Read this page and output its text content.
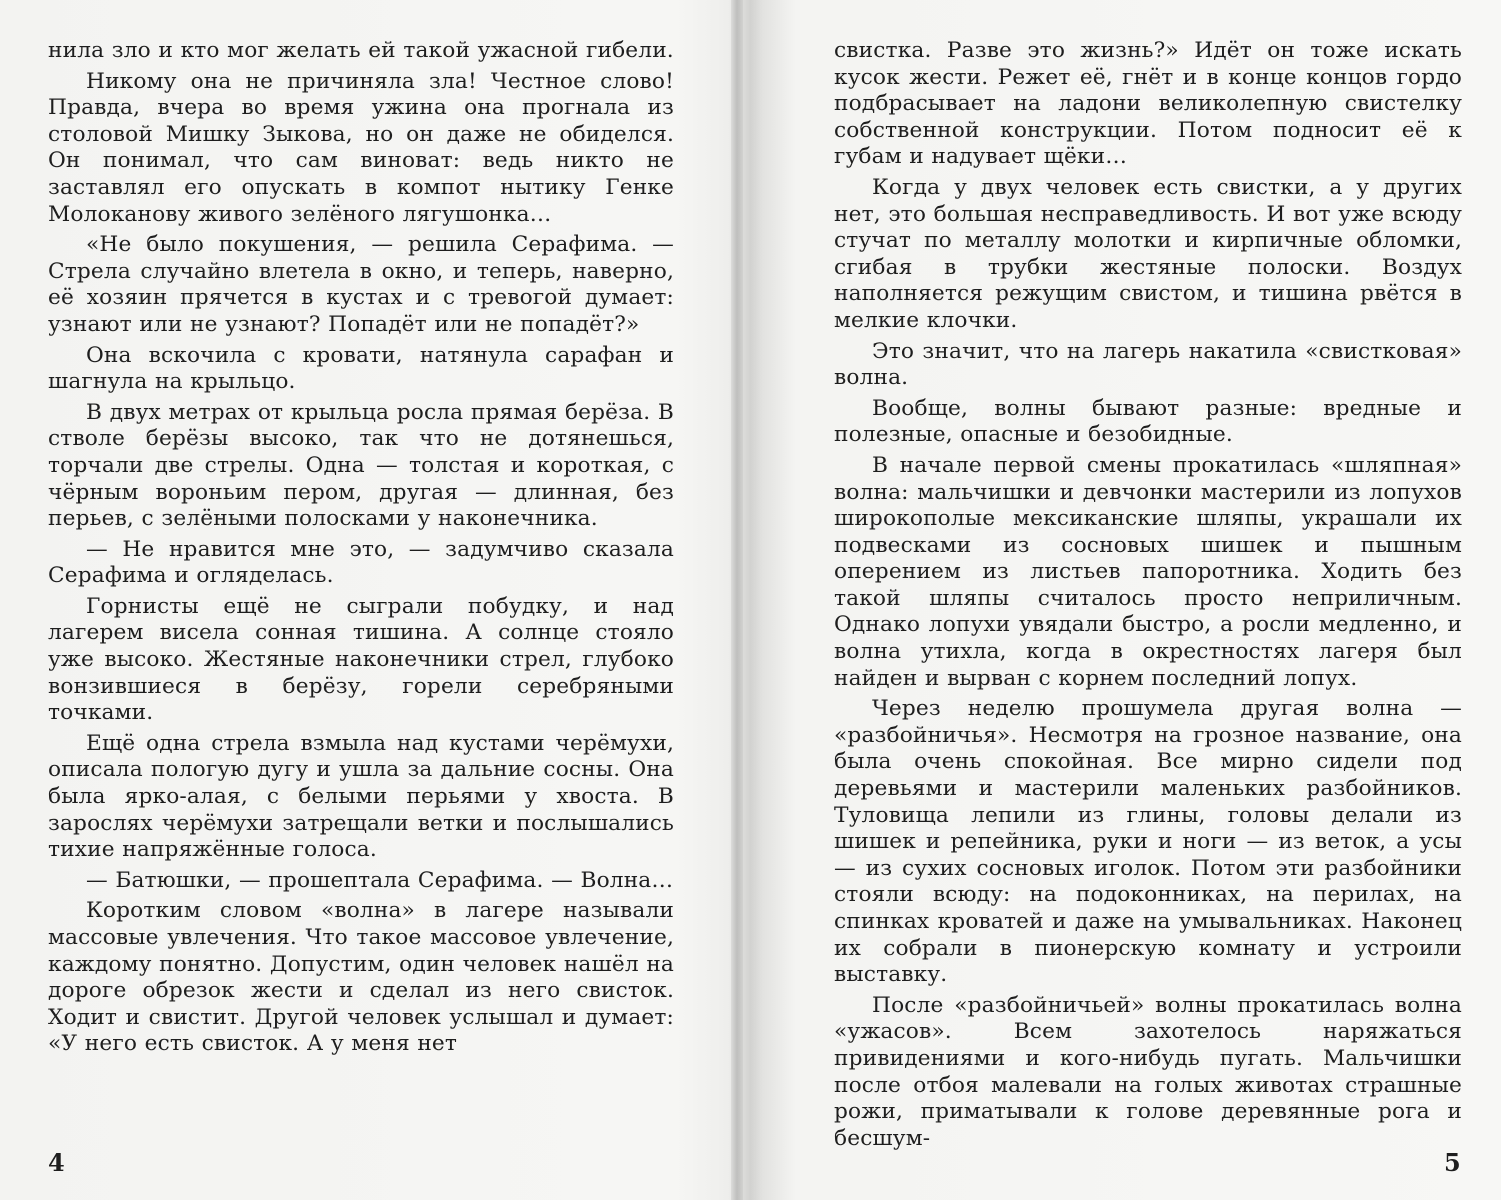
нила зло и кто мог желать ей такой ужасной гибели.

Никому она не причиняла зла! Честное слово! Правда, вчера во время ужина она прогнала из столовой Мишку Зыкова, но он даже не обиделся. Он понимал, что сам виноват: ведь никто не заставлял его опускать в компот нытику Генке Молоканову живого зелёного лягушонка…

«Не было покушения, — решила Серафима. — Стрела случайно влетела в окно, и теперь, наверно, её хозяин прячется в кустах и с тревогой думает: узнают или не узнают? Попадёт или не попадёт?»

Она вскочила с кровати, натянула сарафан и шагнула на крыльцо.

В двух метрах от крыльца росла прямая берёза. В стволе берёзы высоко, так что не дотянешься, торчали две стрелы. Одна — толстая и короткая, с чёрным вороньим пером, другая — длинная, без перьев, с зелёными полосками у наконечника.

— Не нравится мне это, — задумчиво сказала Серафима и огляделась.

Горнисты ещё не сыграли побудку, и над лагерем висела сонная тишина. А солнце стояло уже высоко. Жестяные наконечники стрел, глубоко вонзившиеся в берёзу, горели серебряными точками.

Ещё одна стрела взмыла над кустами черёмухи, описала пологую дугу и ушла за дальние сосны. Она была ярко-алая, с белыми перьями у хвоста. В зарослях черёмухи затрещали ветки и послышались тихие напряжённые голоса.

— Батюшки, — прошептала Серафима. — Волна…

Коротким словом «волна» в лагере называли массовые увлечения. Что такое массовое увлечение, каждому понятно. Допустим, один человек нашёл на дороге обрезок жести и сделал из него свисток. Ходит и свистит. Другой человек услышал и думает: «У него есть свисток. А у меня нет

4

свистка. Разве это жизнь?» Идёт он тоже искать кусок жести. Режет её, гнёт и в конце концов гордо подбрасывает на ладони великолепную свистелку собственной конструкции. Потом подносит её к губам и надувает щёки…

Когда у двух человек есть свистки, а у других нет, это большая несправедливость. И вот уже всюду стучат по металлу молотки и кирпичные обломки, сгибая в трубки жестяные полоски. Воздух наполняется режущим свистом, и тишина рвётся в мелкие клочки.

Это значит, что на лагерь накатила «свистковая» волна.

Вообще, волны бывают разные: вредные и полезные, опасные и безобидные.

В начале первой смены прокатилась «шляпная» волна: мальчишки и девчонки мастерили из лопухов широкополые мексиканские шляпы, украшали их подвесками из сосновых шишек и пышным оперением из листьев папоротника. Ходить без такой шляпы считалось просто неприличным. Однако лопухи увядали быстро, а росли медленно, и волна утихла, когда в окрестностях лагеря был найден и вырван с корнем последний лопух.

Через неделю прошумела другая волна — «разбойничья». Несмотря на грозное название, она была очень спокойная. Все мирно сидели под деревьями и мастерили маленьких разбойников. Туловища лепили из глины, головы делали из шишек и репейника, руки и ноги — из веток, а усы — из сухих сосновых иголок. Потом эти разбойники стояли всюду: на подоконниках, на перилах, на спинках кроватей и даже на умывальниках. Наконец их собрали в пионерскую комнату и устроили выставку.

После «разбойничьей» волны прокатилась волна «ужасов». Всем захотелось наряжаться привидениями и кого-нибудь пугать. Мальчишки после отбоя малевали на голых животах страшные рожи, приматывали к голове деревянные рога и бесшум-

5
